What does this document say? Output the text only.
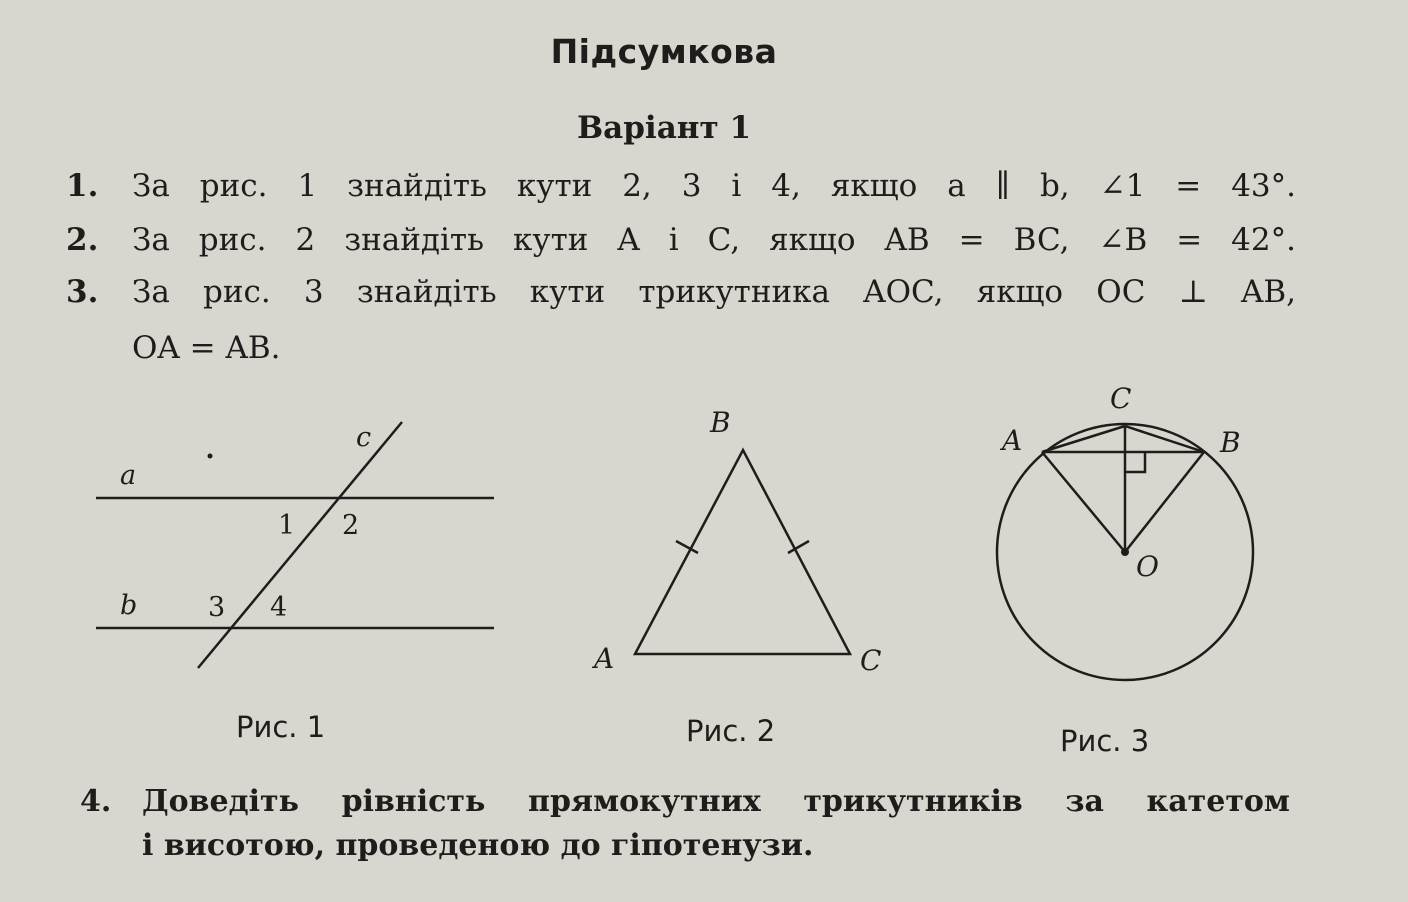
Підсумкова
Варіант 1
1. За рис. 1 знайдіть кути 2, 3 і 4, якщо a ∥ b, ∠1 = 43°.
2. За рис. 2 знайдіть кути A і C, якщо AB = BC, ∠B = 42°.
3. За рис. 3 знайдіть кути трикутника AOC, якщо OC ⊥ AB,
OA = AB.
a
b
c
1 2
3 4
B
A	C
C
A	B
O
Рис. 1	Рис. 2	Рис. 3
4. Доведіть рівність прямокутних трикутників за катетом
і висотою, проведеною до гіпотенузи.
